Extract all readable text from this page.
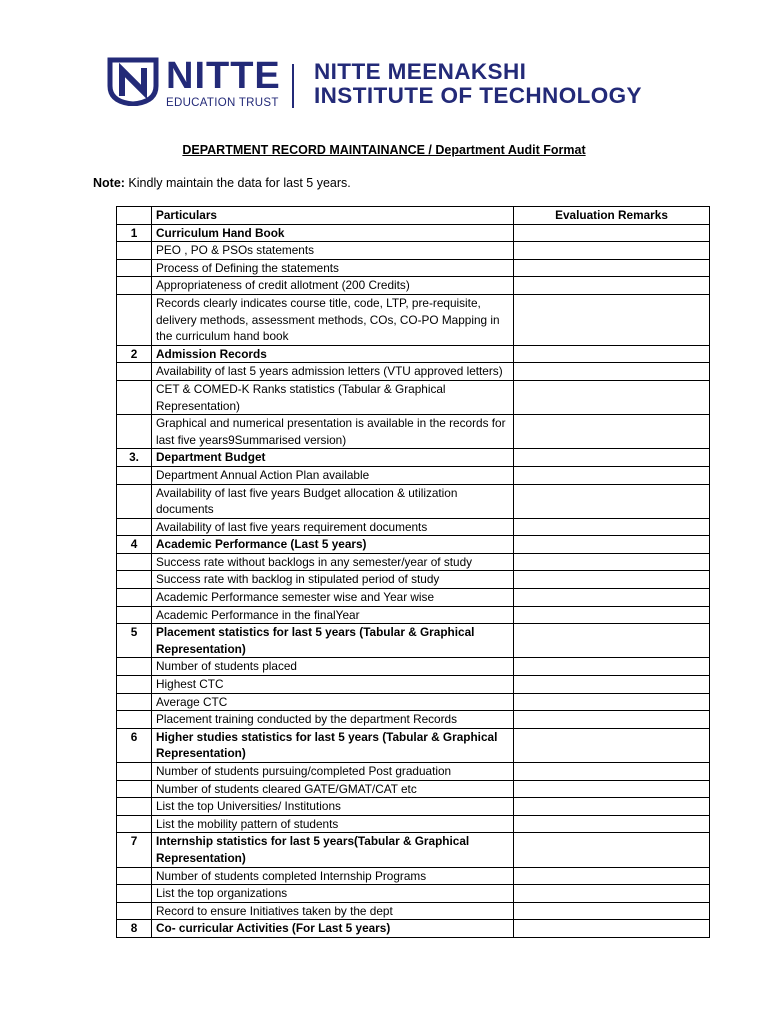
NITTE
EDUCATION TRUST
NITTE MEENAKSHI
INSTITUTE OF TECHNOLOGY
DEPARTMENT RECORD MAINTAINANCE / Department Audit Format
Note: Kindly maintain the data for last 5 years.
	Particulars	Evaluation Remarks
1	Curriculum Hand Book	
	PEO , PO & PSOs statements	
	Process of Defining the statements	
	Appropriateness of credit allotment (200 Credits)	
	Records clearly indicates course title, code, LTP, pre-requisite, delivery methods, assessment methods, COs, CO-PO Mapping in the curriculum hand book	
2	Admission Records	
	Availability of last 5 years admission letters (VTU approved letters)	
	CET & COMED-K Ranks statistics (Tabular & Graphical Representation)	
	Graphical and numerical presentation is available in the records for last five years9Summarised version)	
3.	Department Budget	
	Department Annual Action Plan available	
	Availability of last five years Budget allocation & utilization documents	
	Availability of last five years requirement documents	
4	Academic Performance (Last 5 years)	
	Success rate without backlogs in any semester/year of study	
	Success rate with backlog in stipulated period of study	
	Academic Performance semester wise and Year wise	
	Academic Performance in the finalYear	
5	Placement statistics for last 5 years (Tabular & Graphical Representation)	
	Number of students placed	
	Highest CTC	
	Average CTC	
	Placement training conducted by the department Records	
6	Higher studies statistics for last 5 years (Tabular & Graphical Representation)	
	Number of students pursuing/completed Post graduation	
	Number of students cleared GATE/GMAT/CAT etc	
	List the top Universities/ Institutions	
	List the mobility pattern of students	
7	Internship statistics for last 5 years(Tabular & Graphical Representation)	
	Number of students completed Internship Programs	
	List the top organizations	
	Record to ensure Initiatives taken by the dept	
8	Co- curricular Activities (For Last 5 years)	
